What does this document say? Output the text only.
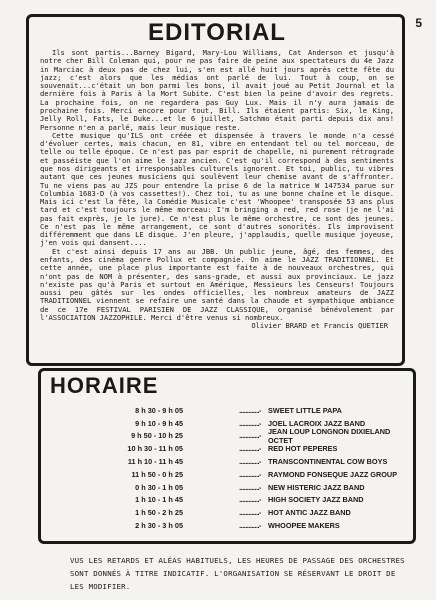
5
EDITORIAL

Ils sont partis...Barney Bigard, Mary-Lou Williams, Cat Anderson et jusqu'à notre cher Bill Coleman qui, pour ne pas faire de peine aux spectateurs du 4e Jazz in Marciac à deux pas de chez lui, s'en est allé huit jours après cette fête du jazz; c'est alors que les médias ont parlé de lui. Tout à coup, on se souvenait...c'était un bon parmi les bons, il avait joué au Petit Journal et la dernière fois à Paris à la Mort Subite. C'est bien la peine d'avoir des regrets. La prochaine fois, on ne regardera pas Guy Lux. Mais il n'y aura jamais de prochaine fois. Merci encore pour tout, Bill. Ils étaient partis: Six, le King, Jelly Roll, Fats, le Duke...et le 6 juillet, Satchmo était parti depuis dix ans! Personne n'en a parlé, mais leur musique reste.

Cette musique qu'ILS ont créée et dispensée à travers le monde n'a cessé d'évoluer certes, mais chacun, en 81, vibre en entendant tel ou tel morceau, de telle ou telle époque. Ce n'est pas par esprit de chapelle, ni purement rétrograde et passéiste que l'on aime le jazz ancien. C'est qu'il correspond à des sentiments que nos dirigeants et irresponsables culturels ignorent. Et toi, public, tu vibres autant que ces jeunes musiciens qui soulèvent leur chemise avant de s'affronter. Tu ne viens pas au JZS pour entendre la prise 6 de la matrice W 147534 parue sur Columbia 1683-D (à vos cassettes!). Chez toi, tu as une bonne chaîne et le disque. Mais ici c'est la fête, la Comédie Musicale c'est 'Whoopee' transposée 53 ans plus tard et c'est toujours le même morceau: I'm bringing a red, red rose (je ne l'ai pas fait exprès, je le jure). Ce n'est plus le même orchestre, ce sont des jeunes. Ce n'est pas le même arrangement, ce sont d'autres sonorités. Ils improvisent différemment que dans LE disque. J'en pleure, j'applaudis, quelle musique joyeuse, j'en vois qui dansent....

Et c'est ainsi depuis 17 ans au JBB. Un public jeune, âgé, des femmes, des enfants, des cinéma genre Pollux et compagnie. On aime le JAZZ TRADITIONNEL. Et cette année, une place plus importante est faite à de nouveaux orchestres, qui n'ont pas de NOM à présenter, des sans-grade, et aussi aux provinciaux. Le jazz n'existe pas qu'à Paris et surtout en Amérique, Messieurs les Censeurs! Toujours aussi peu gâtés sur les ondes officielles, les nombreux amateurs de JAZZ TRADITIONNEL viennent se refaire une santé dans la chaude et sympathique ambiance de ce 17e FESTIVAL PARISIEN DE JAZZ CLASSIQUE, organisé bénévolement par l'ASSOCIATION JAZZOPHILE. Merci d'être venus si nombreux.

Olivier BRARD et Francis QUETIER
HORAIRE
8 h 30 - 9 h 05	............. - SWEET LITTLE PAPA
9 h 10 - 9 h 45	............. - JOEL LACROIX JAZZ BAND
9 h 50 - 10 h 25	............. - JEAN LOUP LONGNON DIXIELAND OCTET
10 h 30 - 11 h 05	............. - RED HOT PEPERES
11 h 10 - 11 h 45	............. - TRANSCONTINENTAL COW BOYS
11 h 50 - 0 h 25	............. - RAYMOND FONSEQUE JAZZ GROUP
0 h 30 - 1 h 05	............. - NEW HISTERIC JAZZ BAND
1 h 10 - 1 h 45	............. - HIGH SOCIETY JAZZ BAND
1 h 50 - 2 h 25	............. - HOT ANTIC JAZZ BAND
2 h 30 - 3 h 05	............. - WHOOPEE MAKERS
VUS LES RETARDS ET ALÉAS HABITUELS, LES HEURES DE PASSAGE DES ORCHESTRES SONT DONNÉS À TITRE INDICATIF. L'ORGANISATION SE RÉSERVANT LE DROIT DE LES MODIFIER.
